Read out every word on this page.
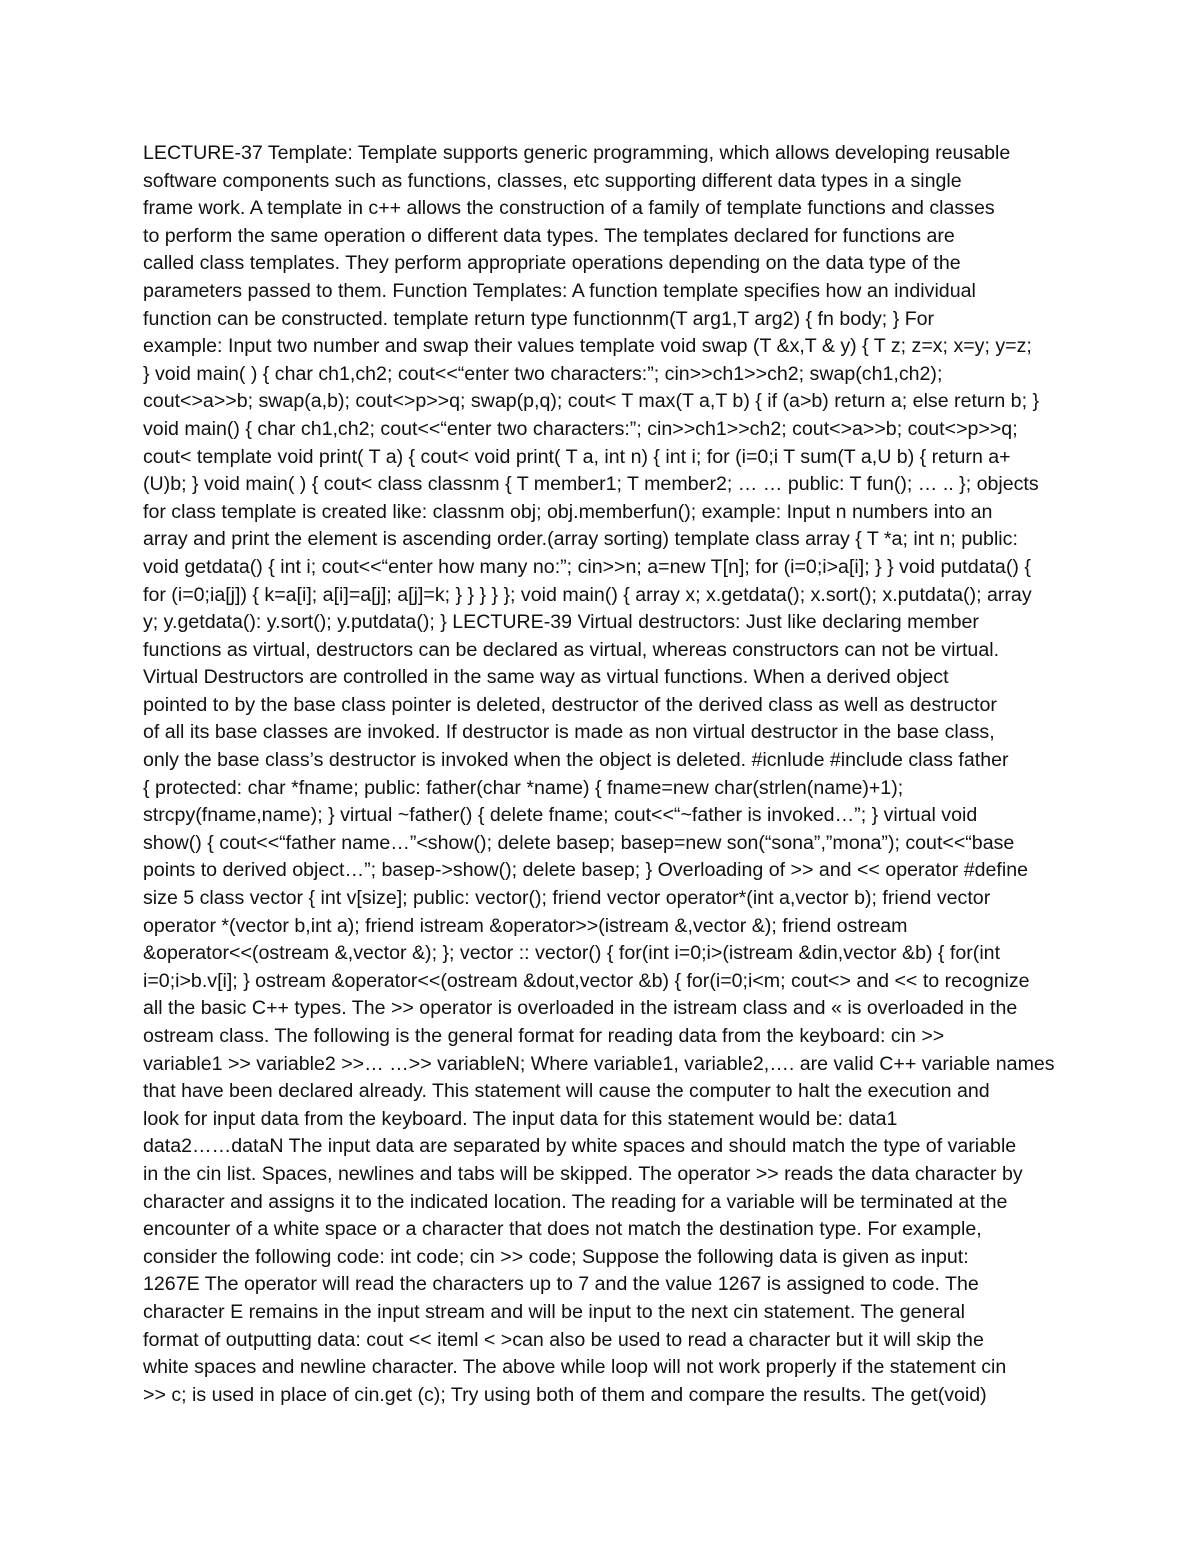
LECTURE-37 Template: Template supports generic programming, which allows developing reusable
software components such as functions, classes, etc supporting different data types in a single
frame work. A template in c++ allows the construction of a family of template functions and classes
to perform the same operation o different data types. The templates declared for functions are
called class templates. They perform appropriate operations depending on the data type of the
parameters passed to them. Function Templates: A function template specifies how an individual
function can be constructed. template return type functionnm(T arg1,T arg2) { fn body; } For
example: Input two number and swap their values template void swap (T &x,T & y) { T z; z=x; x=y; y=z;
} void main( ) { char ch1,ch2; cout<<“enter two characters:”; cin>>ch1>>ch2; swap(ch1,ch2);
cout<>a>>b; swap(a,b); cout<>p>>q; swap(p,q); cout< T max(T a,T b) { if (a>b) return a; else return b; }
void main() { char ch1,ch2; cout<<“enter two characters:”; cin>>ch1>>ch2; cout<>a>>b; cout<>p>>q;
cout< template void print( T a) { cout< void print( T a, int n) { int i; for (i=0;i T sum(T a,U b) { return a+
(U)b; } void main( ) { cout< class classnm { T member1; T member2; … … public: T fun(); … .. }; objects
for class template is created like: classnm obj; obj.memberfun(); example: Input n numbers into an
array and print the element is ascending order.(array sorting) template class array { T *a; int n; public:
void getdata() { int i; cout<<“enter how many no:”; cin>>n; a=new T[n]; for (i=0;i>a[i]; } } void putdata() {
for (i=0;ia[j]) { k=a[i]; a[i]=a[j]; a[j]=k; } } } } }; void main() { array x; x.getdata(); x.sort(); x.putdata(); array
y; y.getdata(): y.sort(); y.putdata(); } LECTURE-39 Virtual destructors: Just like declaring member
functions as virtual, destructors can be declared as virtual, whereas constructors can not be virtual.
Virtual Destructors are controlled in the same way as virtual functions. When a derived object
pointed to by the base class pointer is deleted, destructor of the derived class as well as destructor
of all its base classes are invoked. If destructor is made as non virtual destructor in the base class,
only the base class’s destructor is invoked when the object is deleted. #icnlude #include class father
{ protected: char *fname; public: father(char *name) { fname=new char(strlen(name)+1);
strcpy(fname,name); } virtual ~father() { delete fname; cout<<“~father is invoked…”; } virtual void
show() { cout<<“father name…”<show(); delete basep; basep=new son(“sona”,”mona”); cout<<“base
points to derived object…”; basep->show(); delete basep; } Overloading of >> and << operator #define
size 5 class vector { int v[size]; public: vector(); friend vector operator*(int a,vector b); friend vector
operator *(vector b,int a); friend istream &operator>>(istream &,vector &); friend ostream
&operator<<(ostream &,vector &); }; vector :: vector() { for(int i=0;i>(istream &din,vector &b) { for(int
i=0;i>b.v[i]; } ostream &operator<<(ostream &dout,vector &b) { for(i=0;i<m; cout<> and << to recognize
all the basic C++ types. The >> operator is overloaded in the istream class and « is overloaded in the
ostream class. The following is the general format for reading data from the keyboard: cin >>
variable1 >> variable2 >>… …>> variableN; Where variable1, variable2,…. are valid C++ variable names
that have been declared already. This statement will cause the computer to halt the execution and
look for input data from the keyboard. The input data for this statement would be: data1
data2……dataN The input data are separated by white spaces and should match the type of variable
in the cin list. Spaces, newlines and tabs will be skipped. The operator >> reads the data character by
character and assigns it to the indicated location. The reading for a variable will be terminated at the
encounter of a white space or a character that does not match the destination type. For example,
consider the following code: int code; cin >> code; Suppose the following data is given as input:
1267E The operator will read the characters up to 7 and the value 1267 is assigned to code. The
character E remains in the input stream and will be input to the next cin statement. The general
format of outputting data: cout << iteml < >can also be used to read a character but it will skip the
white spaces and newline character. The above while loop will not work properly if the statement cin
>> c; is used in place of cin.get (c); Try using both of them and compare the results. The get(void)
